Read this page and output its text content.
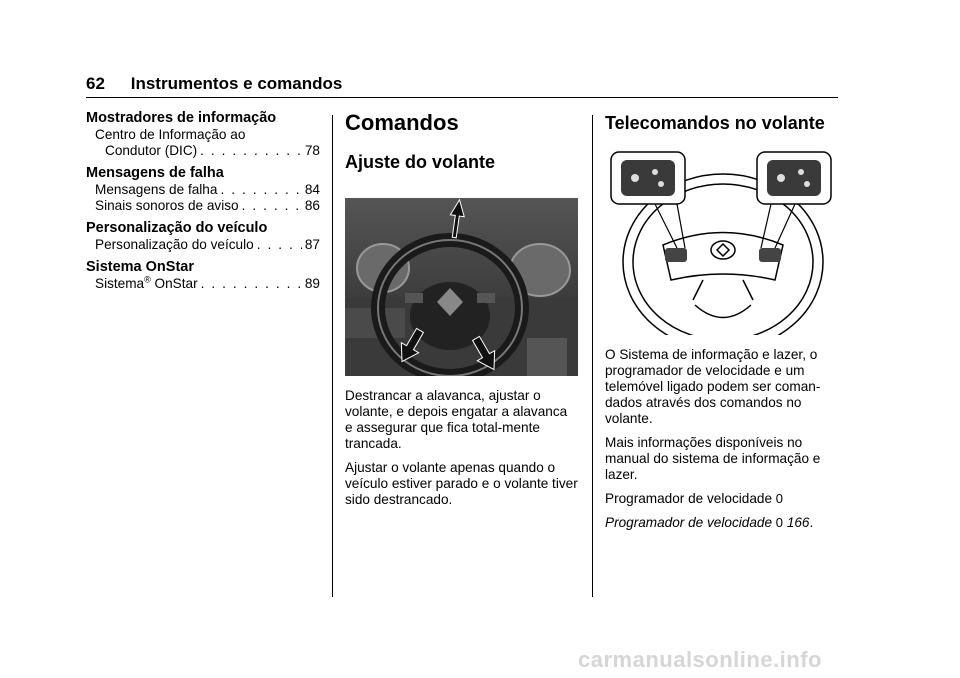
62 Instrumentos e comandos
Mostradores de informação
Centro de Informação ao
Condutor (DIC) . . .	78
Mensagens de falha
Mensagens de falha . . .	84
Sinais sonoros de aviso . . .	86
Personalização do veículo
Personalização do veículo . . .	87
Sistema OnStar
Sistema® OnStar . . .	89
Comandos
Ajuste do volante

Destrancar a alavanca, ajustar o volante, e depois engatar a alavanca e assegurar que fica total-mente trancada.

Ajustar o volante apenas quando o veículo estiver parado e o volante tiver sido destrancado.

Telecomandos no volante

O Sistema de informação e lazer, o programador de velocidade e um telemóvel ligado podem ser coman-dados através dos comandos no volante.

Mais informações disponíveis no manual do sistema de informação e lazer.

Programador de velocidade 0

Programador de velocidade 0 166.

carmanualsonline.info
